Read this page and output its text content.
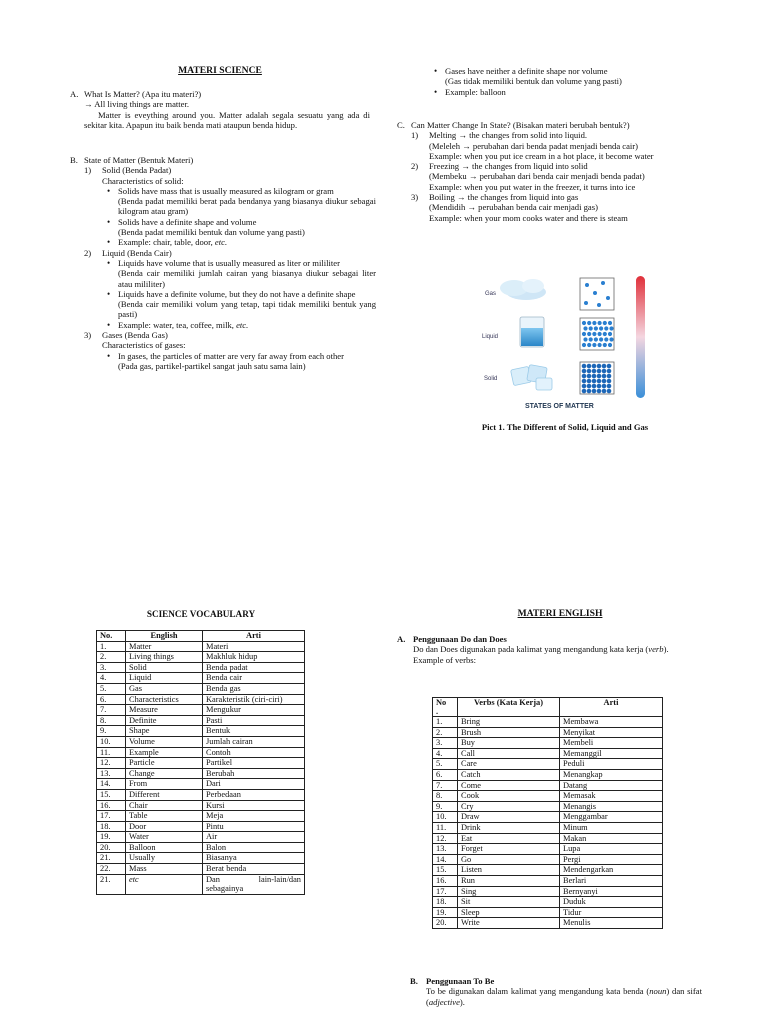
MATERI SCIENCE
A. What Is Matter? (Apa itu materi?)
→ All living things are matter.
Matter is eveything around you. Matter adalah segala sesuatu yang ada di sekitar kita. Apapun itu baik benda mati ataupun benda hidup.
B. State of Matter (Bentuk Materi)
1) Solid (Benda Padat)
Characteristics of solid:
• Solids have mass that is usually measured as kilogram or gram
(Benda padat memiliki berat pada bendanya yang biasanya diukur sebagai kilogram atau gram)
• Solids have a definite shape and volume
(Benda padat memiliki bentuk dan volume yang pasti)
• Example: chair, table, door, etc.
2) Liquid (Benda Cair)
• Liquids have volume that is usually measured as liter or mililiter
(Benda cair memiliki jumlah cairan yang biasanya diukur sebagai liter atau mililiter)
• Liquids have a definite volume, but they do not have a definite shape
(Benda cair memiliki volum yang tetap, tapi tidak memiliki bentuk yang pasti)
• Example: water, tea, coffee, milk, etc.
3) Gases (Benda Gas)
Characteristics of gases:
• In gases, the particles of matter are very far away from each other
(Pada gas, partikel-partikel sangat jauh satu sama lain)
• Gases have neither a definite shape nor volume
(Gas tidak memiliki bentuk dan volume yang pasti)
• Example: balloon
C. Can Matter Change In State? (Bisakan materi berubah bentuk?)
1) Melting → the changes from solid into liquid.
(Meleleh → perubahan dari benda padat menjadi benda cair)
Example: when you put ice cream in a hot place, it become water
2) Freezing → the changes from liquid into solid
(Membeku → perubahan dari benda cair menjadi benda padat)
Example: when you put water in the freezer, it turns into ice
3) Boiling → the changes from liquid into gas
(Mendidih → perubahan benda cair menjadi gas)
Example: when your mom cooks water and there is steam
Gas
Liquid
Solid
STATES OF MATTER
Pict 1. The Different of Solid, Liquid and Gas
SCIENCE VOCABULARY
No.	English	Arti
1.	Matter	Materi
2.	Living things	Makhluk hidup
3.	Solid	Benda padat
4.	Liquid	Benda cair
5.	Gas	Benda gas
6.	Characteristics	Karakteristik (ciri-ciri)
7.	Measure	Mengukur
8.	Definite	Pasti
9.	Shape	Bentuk
10.	Volume	Jumlah cairan
11.	Example	Contoh
12.	Particle	Partikel
13.	Change	Berubah
14.	From	Dari
15.	Different	Perbedaan
16.	Chair	Kursi
17.	Table	Meja
18.	Door	Pintu
19.	Water	Air
20.	Balloon	Balon
21.	Usually	Biasanya
22.	Mass	Berat benda
21.	etc	Dan lain-lain/dan sebagainya
MATERI ENGLISH
A. Penggunaan Do dan Does
Do dan Does digunakan pada kalimat yang mengandung kata kerja (verb).
Example of verbs:
No
.	Verbs (Kata Kerja)	Arti
1.	Bring	Membawa
2.	Brush	Menyikat
3.	Buy	Membeli
4.	Call	Memanggil
5.	Care	Peduli
6.	Catch	Menangkap
7.	Come	Datang
8.	Cook	Memasak
9.	Cry	Menangis
10.	Draw	Menggambar
11.	Drink	Minum
12.	Eat	Makan
13.	Forget	Lupa
14.	Go	Pergi
15.	Listen	Mendengarkan
16.	Run	Berlari
17.	Sing	Bernyanyi
18.	Sit	Duduk
19.	Sleep	Tidur
20.	Write	Menulis
B. Penggunaan To Be
To be digunakan dalam kalimat yang mengandung kata benda (noun) dan sifat (adjective).
